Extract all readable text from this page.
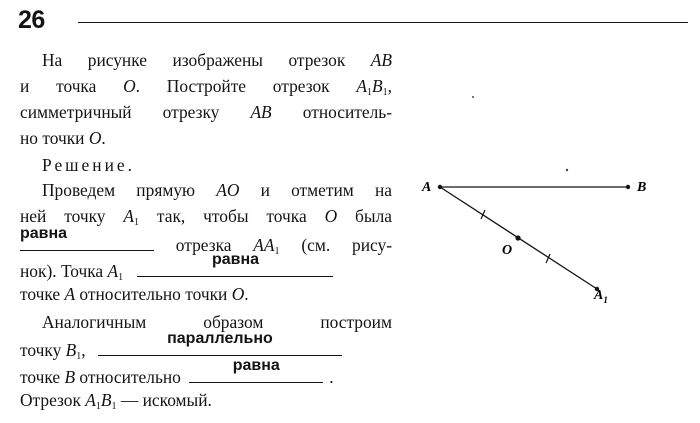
26
На рисунке изображены отрезок AB
и точка O. Постройте отрезок $A_1B_1$,
симметричный отрезку AB относитель-
но точки O.
Решение.
Проведем прямую AO и отметим на
ней точку $A_1$ так, чтобы точка O была
равна
отрезка $AA_1$ (см. рису-
нок). Точка $A_1$
равна
точке A относительно точки O.
Аналогичным образом построим
точку $B_1$,
параллельно
точке B относительно
равна
.
Отрезок $A_1B_1$ — искомый.
A	B
O
$A_1$
